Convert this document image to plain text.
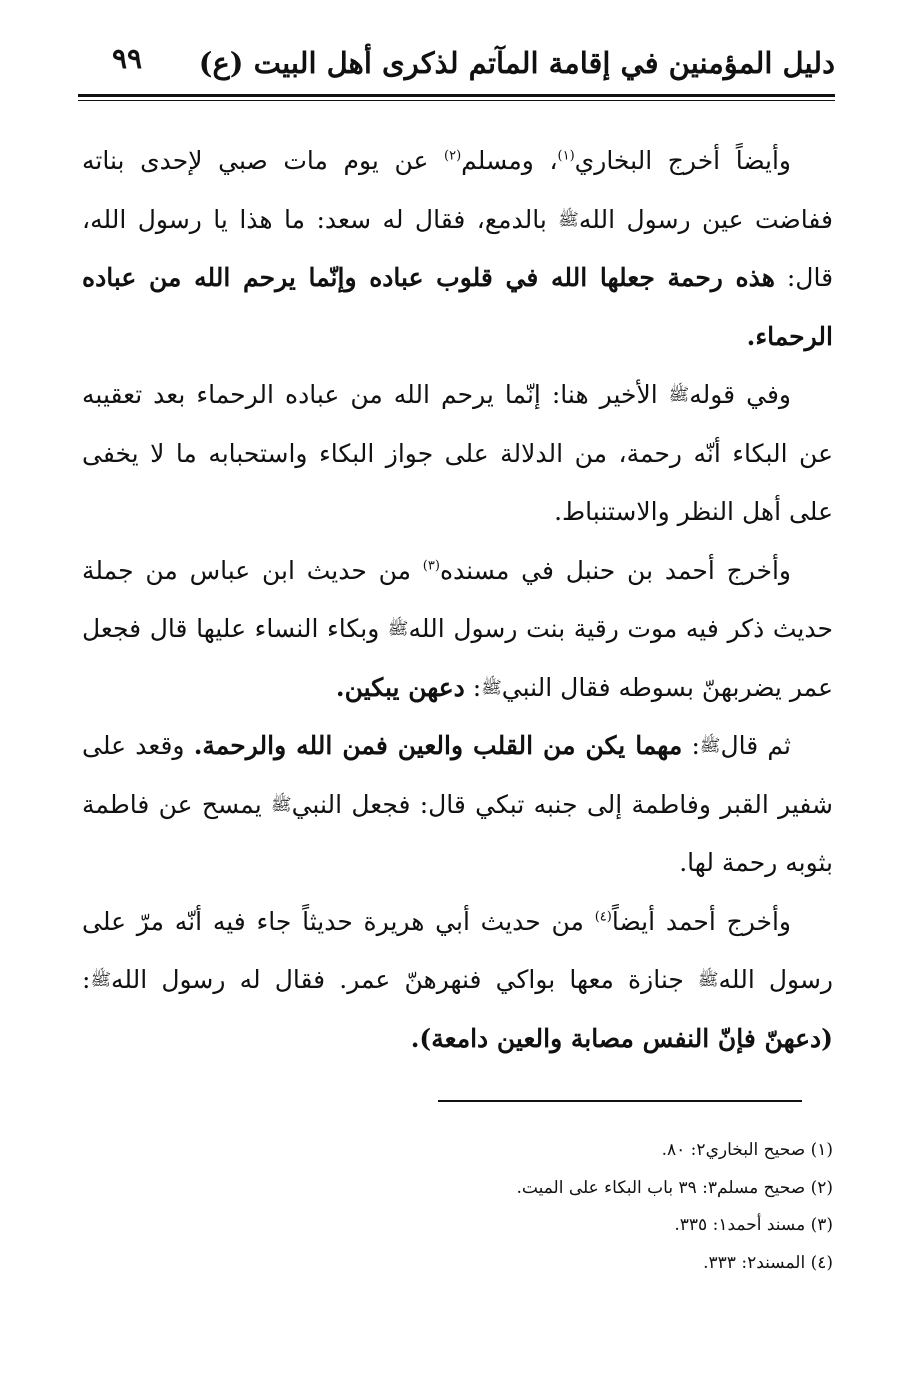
دليل المؤمنين في إقامة المآتم لذكرى أهل البيت (ع)
٩٩

وأيضاً أخرج البخاري$^{(١)}$، ومسلم$^{(٢)}$ عن يوم مات صبي لإحدى بناته ففاضت عين رسول اللهﷺ بالدمع، فقال له سعد: ما هذا يا رسول الله، قال: هذه رحمة جعلها الله في قلوب عباده وإنّما يرحم الله من عباده الرحماء.

وفي قولهﷺ الأخير هنا: إنّما يرحم الله من عباده الرحماء بعد تعقيبه عن البكاء أنّه رحمة، من الدلالة على جواز البكاء واستحبابه ما لا يخفى على أهل النظر والاستنباط.

وأخرج أحمد بن حنبل في مسنده$^{(٣)}$ من حديث ابن عباس من جملة حديث ذكر فيه موت رقية بنت رسول اللهﷺ وبكاء النساء عليها قال فجعل عمر يضربهنّ بسوطه فقال النبيﷺ: دعهن يبكين.

ثم قالﷺ: مهما يكن من القلب والعين فمن الله والرحمة. وقعد على شفير القبر وفاطمة إلى جنبه تبكي قال: فجعل النبيﷺ يمسح عن فاطمة بثوبه رحمة لها.

وأخرج أحمد أيضاً$^{(٤)}$ من حديث أبي هريرة حديثاً جاء فيه أنّه مرّ على رسول اللهﷺ جنازة معها بواكي فنهرهنّ عمر. فقال له رسول اللهﷺ: (دعهنّ فإنّ النفس مصابة والعين دامعة).

(١) صحيح البخاري٢: ٨٠.
(٢) صحيح مسلم٣: ٣٩ باب البكاء على الميت.
(٣) مسند أحمد١: ٣٣٥.
(٤) المسند٢: ٣٣٣.
